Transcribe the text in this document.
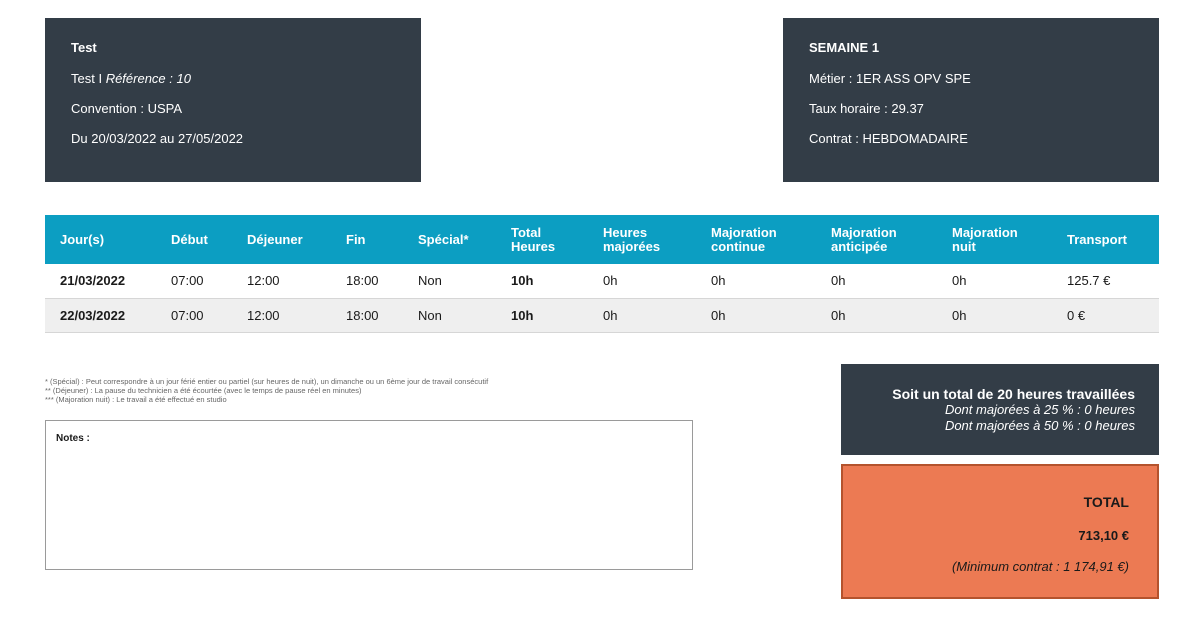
Test
Test I Référence : 10
Convention : USPA
Du 20/03/2022 au 27/05/2022
SEMAINE 1
Métier : 1ER ASS OPV SPE
Taux horaire : 29.37
Contrat : HEBDOMADAIRE
Jour(s)	Début	Déjeuner	Fin	Spécial*	Total Heures	Heures majorées	Majoration continue	Majoration anticipée	Majoration nuit	Transport
21/03/2022	07:00	12:00	18:00	Non	10h	0h	0h	0h	0h	125.7 €
22/03/2022	07:00	12:00	18:00	Non	10h	0h	0h	0h	0h	0 €
* (Spécial) : Peut correspondre à un jour férié entier ou partiel (sur heures de nuit), un dimanche ou un 6ème jour de travail consécutif
** (Déjeuner) : La pause du technicien a été écourtée (avec le temps de pause réel en minutes)
*** (Majoration nuit) : Le travail a été effectué en studio
Notes :
Soit un total de 20 heures travaillées
Dont majorées à 25 % : 0 heures
Dont majorées à 50 % : 0 heures
TOTAL
713,10 €
(Minimum contrat : 1 174,91 €)
